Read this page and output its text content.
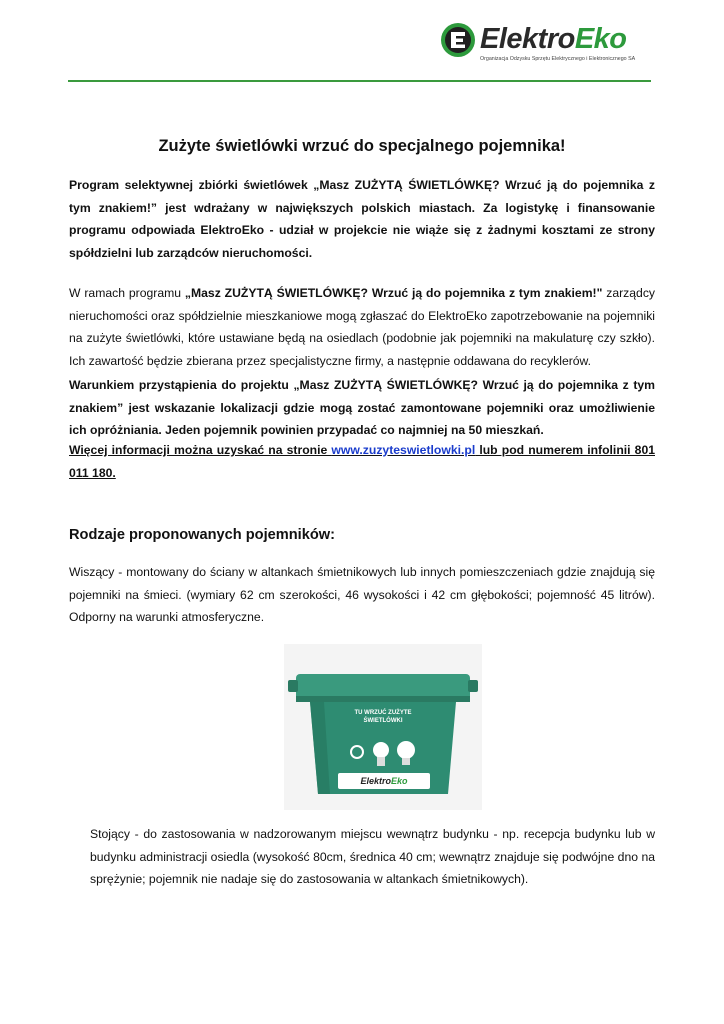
ElektroEko
Organizacja Odzysku Sprzętu Elektrycznego i Elektronicznego SA
Zużyte świetlówki wrzuć do specjalnego pojemnika!

Program selektywnej zbiórki świetlówek „Masz ZUŻYTĄ ŚWIETLÓWKĘ? Wrzuć ją do pojemnika z tym znakiem!” jest wdrażany w największych polskich miastach. Za logistykę i finansowanie programu odpowiada ElektroEko - udział w projekcie nie wiąże się z żadnymi kosztami ze strony spółdzielni lub zarządców nieruchomości.

W ramach programu „Masz ZUŻYTĄ ŚWIETLÓWKĘ? Wrzuć ją do pojemnika z tym znakiem!" zarządcy nieruchomości oraz spółdzielnie mieszkaniowe mogą zgłaszać do ElektroEko zapotrzebowanie na pojemniki na zużyte świetlówki, które ustawiane będą na osiedlach (podobnie jak pojemniki na makulaturę czy szkło). Ich zawartość będzie zbierana przez specjalistyczne firmy, a następnie oddawana do recyklerów.

Warunkiem przystąpienia do projektu „Masz ZUŻYTĄ ŚWIETLÓWKĘ? Wrzuć ją do pojemnika z tym znakiem” jest wskazanie lokalizacji gdzie mogą zostać zamontowane pojemniki oraz umożliwienie ich opróżniania. Jeden pojemnik powinien przypadać co najmniej na 50 mieszkań.

Więcej informacji można uzyskać na stronie www.zuzyteswietlowki.pl lub pod numerem infolinii 801 011 180.

Rodzaje proponowanych pojemników:

Wiszący - montowany do ściany w altankach śmietnikowych lub innych pomieszczeniach gdzie znajdują się pojemniki na śmieci. (wymiary 62 cm szerokości, 46 wysokości i 42 cm głębokości; pojemność 45 litrów). Odporny na warunki atmosferyczne.

TU WRZUĆ ZUŻYTE
ŚWIETLÓWKI
ElektroEko

Stojący - do zastosowania w nadzorowanym miejscu wewnątrz budynku - np. recepcja budynku lub w budynku administracji osiedla (wysokość 80cm, średnica 40 cm; wewnątrz znajduje się podwójne dno na sprężynie; pojemnik nie nadaje się do zastosowania w altankach śmietnikowych).
